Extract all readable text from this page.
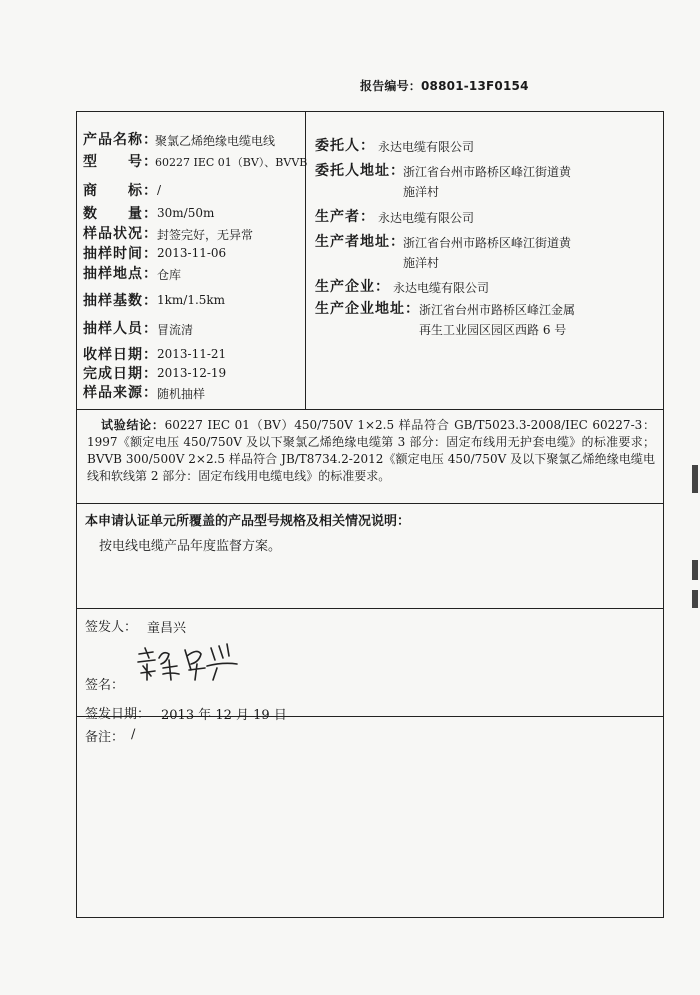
报告编号：08801-13F0154
产品名称：
聚氯乙烯绝缘电缆电线
型　　号：
60227 IEC 01（BV）、BVVB
商　　标： /
数　　量： 30m/50m
样品状况： 封签完好，无异常
抽样时间： 2013-11-06
抽样地点： 仓库
抽样基数： 1km/1.5km
抽样人员： 冒流清
收样日期： 2013-11-21
完成日期： 2013-12-19
样品来源： 随机抽样
委托人： 永达电缆有限公司
委托人地址：
浙江省台州市路桥区峰江街道黄
施洋村
生产者： 永达电缆有限公司
生产者地址：
浙江省台州市路桥区峰江街道黄
施洋村
生产企业： 永达电缆有限公司
生产企业地址： 浙江省台州市路桥区峰江金属
再生工业园区园区西路 6 号
试验结论：60227 IEC 01（BV）450/750V 1×2.5 样品符合 GB/T5023.3-2008/IEC 60227-3：1997《额定电压 450/750V 及以下聚氯乙烯绝缘电缆第 3 部分：固定布线用无护套电缆》的标准要求；BVVB 300/500V 2×2.5 样品符合 JB/T8734.2-2012《额定电压 450/750V 及以下聚氯乙烯绝缘电缆电线和软线第 2 部分：固定布线用电缆电线》的标准要求。
本申请认证单元所覆盖的产品型号规格及相关情况说明：
按电线电缆产品年度监督方案。
签发人： 童昌兴
签名：
签发日期： 2013 年 12 月 19 日
备注： /
